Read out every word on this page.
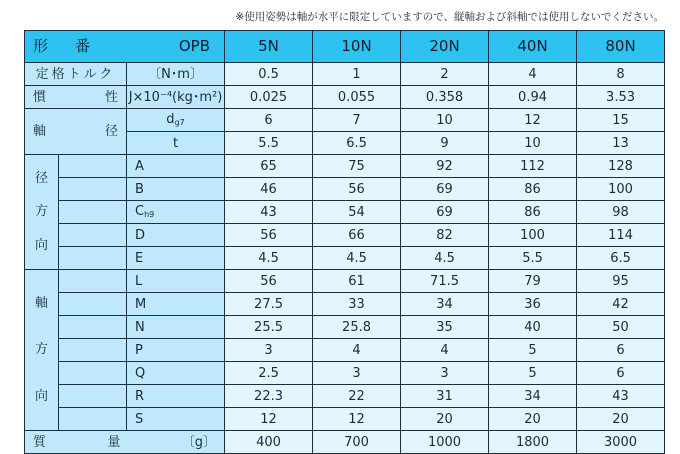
※使用姿勢は軸が水平に限定していますので、縦軸および斜軸では使用しないでください。
形　番 OPB			5N	10N	20N	40N	80N
定格トルク		〔N･m〕	0.5	1	2	4	8

慣 性		J×10⁻⁴(kg･m²)	0.025	0.055	0.358	0.94	3.53

軸 径		$d_{g7}$	6	7	10	12	15
		t	5.5	6.5	9	10	13

径
方
向		A	65	75	92	112	128
		B	46	56	69	86	100
		$C_{h9}$	43	54	69	86	98
		D	56	66	82	100	114
		E	4.5	4.5	4.5	5.5	6.5

軸
方
向		L	56	61	71.5	79	95
		M	27.5	33	34	36	42
		N	25.5	25.8	35	40	50
		P	3	4	4	5	6
		Q	2.5	3	3	5	6
		R	22.3	22	31	34	43
		S	12	12	20	20	20

質 量 〔g〕			400	700	1000	1800	3000
